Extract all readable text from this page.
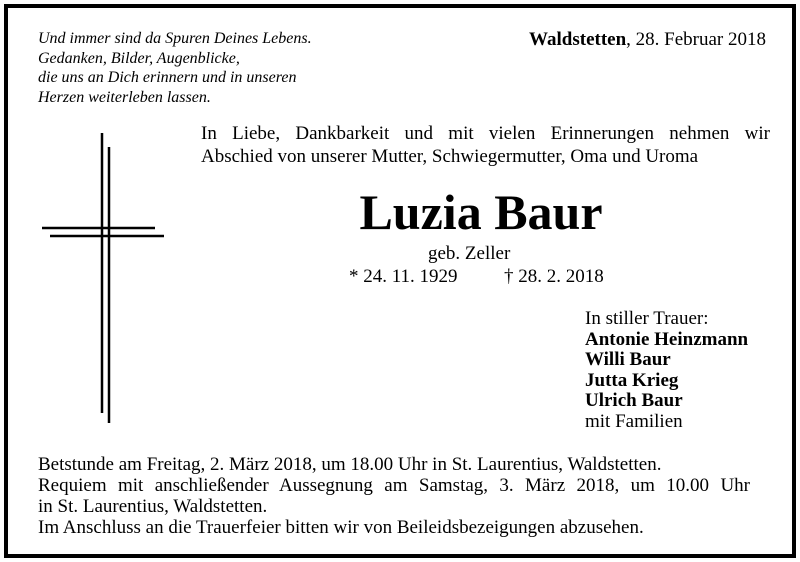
Und immer sind da Spuren Deines Lebens.
Gedanken, Bilder, Augenblicke,
die uns an Dich erinnern und in unseren
Herzen weiterleben lassen.
Waldstetten, 28. Februar 2018
In Liebe, Dankbarkeit und mit vielen Erinnerungen nehmen wir
Abschied von unserer Mutter, Schwiegermutter, Oma und Uroma
Luzia Baur
geb. Zeller
* 24. 11. 1929 † 28. 2. 2018
In stiller Trauer:
Antonie Heinzmann
Willi Baur
Jutta Krieg
Ulrich Baur
mit Familien
Betstunde am Freitag, 2. März 2018, um 18.00 Uhr in St. Laurentius, Waldstetten.
Requiem mit anschließender Aussegnung am Samstag, 3. März 2018, um 10.00 Uhr
in St. Laurentius, Waldstetten.
Im Anschluss an die Trauerfeier bitten wir von Beileidsbezeigungen abzusehen.
